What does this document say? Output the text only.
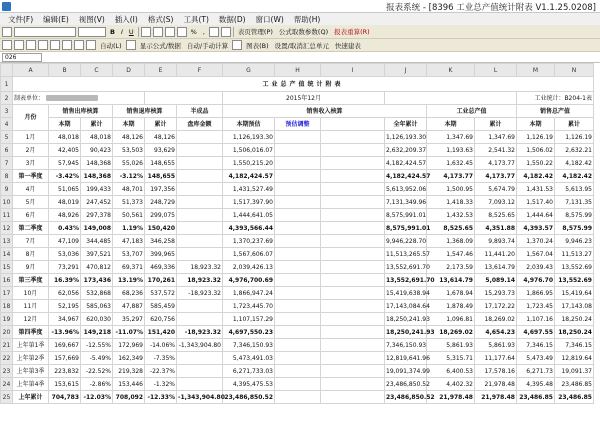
报表系统 - [8396 工业总产值统计附表 V1.1.25.0208]
文件(F)	编辑(E)	视图(V)	插入(I)	格式(S)	工具(T)	数据(D)	窗口(W)	帮助(H)
B I U	% ,	表页管理(P) 公式取数参数(Q) 报表重算(R)
自动(L)	显示公式/数据 自动/手动计算	图表(B) 设置/取消汇总单元 快速建表
026
	A	B	C	D	E	F	G	H	I	J	K	L	M	N
1	工业总产值统计附表													
2	制表单位：						2015年12月						工业统计：B204-1表	
3	月份	销售出库核算		销售退库核算		半成品	销售收入核算				工业总产值		销售总产值	
4		本期	累计	本期	累计	盘库金额	本期预估	预估调整		全年累计	本期	累计	本期	累计
5	1月	48,018	48,018	48,126	48,126		1,126,193.30			1,126,193.30	1,347.69	1,347.69	1,126.19	1,126.19
6	2月	42,405	90,423	53,503	93,629		1,506,016.07			2,632,209.37	1,193.63	2,541.32	1,506.02	2,632.21
7	3月	57,945	148,368	55,026	148,655		1,550,215.20			4,182,424.57	1,632.45	4,173.77	1,550.22	4,182.42
8	第一季度	-3.42%	148,368	-3.12%	148,655		4,182,424.57			4,182,424.57	4,173.77	4,173.77	4,182.42	4,182.42
9	4月	51,065	199,433	48,701	197,356		1,431,527.49			5,613,952.06	1,500.95	5,674.79	1,431.53	5,613.95
10	5月	48,019	247,452	51,373	248,729		1,517,397.90			7,131,349.96	1,418.33	7,093.12	1,517.40	7,131.35
11	6月	48,926	297,378	50,561	299,075		1,444,641.05			8,575,991.01	1,432.53	8,525.65	1,444.64	8,575.99
12	第二季度	0.43%	149,008	1.19%	150,420		4,393,566.44			8,575,991.01	8,525.65	4,351.88	4,393.57	8,575.99
13	7月	47,109	344,485	47,183	346,258		1,370,237.69			9,946,228.70	1,368.09	9,893.74	1,370.24	9,946.23
14	8月	53,036	397,521	53,707	399,965		1,567,606.07			11,513,265.57	1,547.46	11,441.20	1,567.04	11,513.27
15	9月	73,291	470,812	69,371	469,336	18,923.32	2,039,426.13			13,552,691.70	2,173.59	13,614.79	2,039.43	13,552.69
16	第三季度	16.39%	173,436	13.19%	170,261	18,923.32	4,976,700.69			13,552,691.70	13,614.79	5,089.14	4,976.70	13,552.69
17	10月	62,056	532,868	68,236	537,572	-18,923.32	1,866,947.24			15,419,638.94	1,678.94	15,293.73	1,866.95	15,419.64
18	11月	52,195	585,063	47,887	585,459		1,723,445.70			17,143,084.64	1,878.49	17,172.22	1,723.45	17,143.08
19	12月	34,967	620,030	35,297	620,756		1,107,157.29			18,250,241.93	1,096.81	18,269.02	1,107.16	18,250.24
20	第四季度	-13.96%	149,218	-11.07%	151,420	-18,923.32	4,697,550.23			18,250,241.93	18,269.02	4,654.23	4,697.55	18,250.24
21	上年第1季	169,667	-12.55%	172,969	-14.06%	-1,343,904.80	7,346,150.93			7,346,150.93	5,861.93	5,861.93	7,346.15	7,346.15
22	上年第2季	157,669	-5.49%	162,349	-7.35%		5,473,491.03			12,819,641.96	5,315.71	11,177.64	5,473.49	12,819.64
23	上年第3季	223,832	-22.52%	219,328	-22.37%		6,271,733.03			19,091,374.99	6,400.53	17,578.16	6,271.73	19,091.37
24	上年第4季	153,615	-2.86%	153,446	-1.32%		4,395,475.53			23,486,850.52	4,402.32	21,978.48	4,395.48	23,486.85
25	上年累计	704,783	-12.03%	708,092	-12.33%	-1,343,904.80	23,486,850.52			23,486,850.52	21,978.48	21,978.48	23,486.85	23,486.85
